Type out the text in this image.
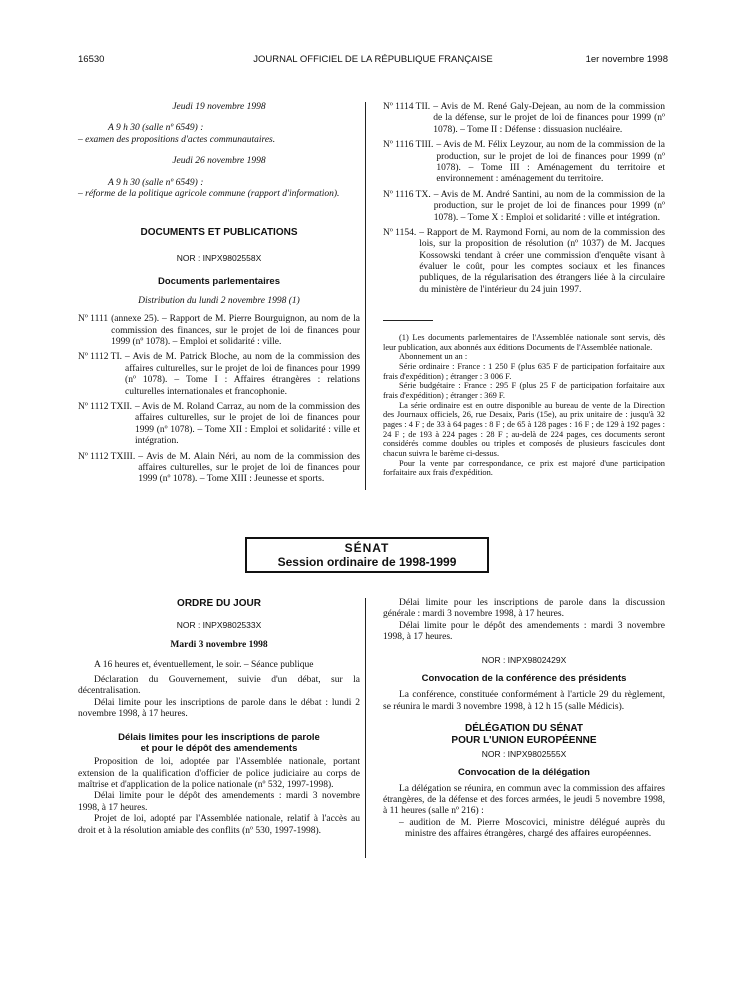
16530	JOURNAL OFFICIEL DE LA RÉPUBLIQUE FRANÇAISE	1er novembre 1998
Jeudi 19 novembre 1998
A 9 h 30 (salle nº 6549) :
– examen des propositions d'actes communautaires.
Jeudi 26 novembre 1998
A 9 h 30 (salle nº 6549) :
– réforme de la politique agricole commune (rapport d'information).
DOCUMENTS ET PUBLICATIONS
NOR : INPX9802558X
Documents parlementaires
Distribution du lundi 2 novembre 1998 (1)
Nº 1111 (annexe 25). – Rapport de M. Pierre Bourguignon, au nom de la commission des finances, sur le projet de loi de finances pour 1999 (nº 1078). – Emploi et solidarité : ville.
Nº 1112 TI. – Avis de M. Patrick Bloche, au nom de la commission des affaires culturelles, sur le projet de loi de finances pour 1999 (nº 1078). – Tome I : Affaires étrangères : relations culturelles internationales et francophonie.
Nº 1112 TXII. – Avis de M. Roland Carraz, au nom de la commission des affaires culturelles, sur le projet de loi de finances pour 1999 (nº 1078). – Tome XII : Emploi et solidarité : ville et intégration.
Nº 1112 TXIII. – Avis de M. Alain Néri, au nom de la commission des affaires culturelles, sur le projet de loi de finances pour 1999 (nº 1078). – Tome XIII : Jeunesse et sports.
Nº 1114 TII. – Avis de M. René Galy-Dejean, au nom de la commission de la défense, sur le projet de loi de finances pour 1999 (nº 1078). – Tome II : Défense : dissuasion nucléaire.
Nº 1116 TIII. – Avis de M. Félix Leyzour, au nom de la commission de la production, sur le projet de loi de finances pour 1999 (nº 1078). – Tome III : Aménagement du territoire et environnement : aménagement du territoire.
Nº 1116 TX. – Avis de M. André Santini, au nom de la commission de la production, sur le projet de loi de finances pour 1999 (nº 1078). – Tome X : Emploi et solidarité : ville et intégration.
Nº 1154. – Rapport de M. Raymond Forni, au nom de la commission des lois, sur la proposition de résolution (nº 1037) de M. Jacques Kossowski tendant à créer une commission d'enquête visant à évaluer le coût, pour les comptes sociaux et les finances publiques, de la régularisation des étrangers liée à la circulaire du ministère de l'intérieur du 24 juin 1997.

(1) Les documents parlementaires de l'Assemblée nationale sont servis, dès leur publication, aux abonnés aux éditions Documents de l'Assemblée nationale.

Abonnement un an :

Série ordinaire : France : 1 250 F (plus 635 F de participation forfaitaire aux frais d'expédition) ; étranger : 3 006 F.

Série budgétaire : France : 295 F (plus 25 F de participation forfaitaire aux frais d'expédition) ; étranger : 369 F.

La série ordinaire est en outre disponible au bureau de vente de la Direction des Journaux officiels, 26, rue Desaix, Paris (15e), au prix unitaire de : jusqu'à 32 pages : 4 F ; de 33 à 64 pages : 8 F ; de 65 à 128 pages : 16 F ; de 129 à 192 pages : 24 F ; de 193 à 224 pages : 28 F ; au-delà de 224 pages, ces documents seront considérés comme doubles ou triples et composés de plusieurs fascicules dont chacun suivra le barème ci-dessus.

Pour la vente par correspondance, ce prix est majoré d'une participation forfaitaire aux frais d'expédition.

SÉNAT
Session ordinaire de 1998-1999
ORDRE DU JOUR
NOR : INPX9802533X
Mardi 3 novembre 1998

A 16 heures et, éventuellement, le soir. – Séance publique

Déclaration du Gouvernement, suivie d'un débat, sur la décentralisation.

Délai limite pour les inscriptions de parole dans le débat : lundi 2 novembre 1998, à 17 heures.

Délais limites pour les inscriptions de parole
et pour le dépôt des amendements

Proposition de loi, adoptée par l'Assemblée nationale, portant extension de la qualification d'officier de police judiciaire au corps de maîtrise et d'application de la police nationale (nº 532, 1997-1998).

Délai limite pour le dépôt des amendements : mardi 3 novembre 1998, à 17 heures.

Projet de loi, adopté par l'Assemblée nationale, relatif à l'accès au droit et à la résolution amiable des conflits (nº 530, 1997-1998).

Délai limite pour les inscriptions de parole dans la discussion générale : mardi 3 novembre 1998, à 17 heures.

Délai limite pour le dépôt des amendements : mardi 3 novembre 1998, à 17 heures.

NOR : INPX9802429X
Convocation de la conférence des présidents

La conférence, constituée conformément à l'article 29 du règlement, se réunira le mardi 3 novembre 1998, à 12 h 15 (salle Médicis).

DÉLÉGATION DU SÉNAT
POUR L'UNION EUROPÉENNE
NOR : INPX9802555X
Convocation de la délégation

La délégation se réunira, en commun avec la commission des affaires étrangères, de la défense et des forces armées, le jeudi 5 novembre 1998, à 11 heures (salle nº 216) :

– audition de M. Pierre Moscovici, ministre délégué auprès du ministre des affaires étrangères, chargé des affaires européennes.
